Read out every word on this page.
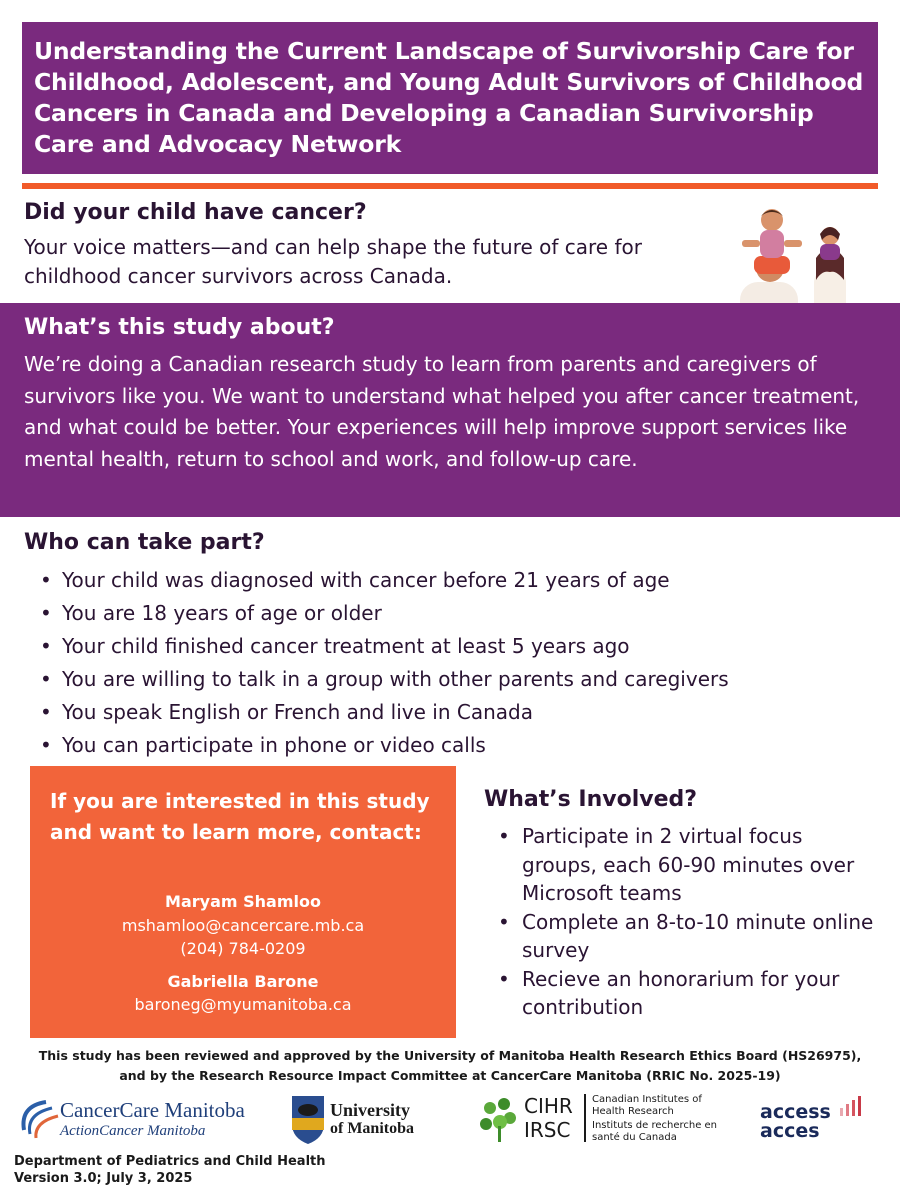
Understanding the Current Landscape of Survivorship Care for Childhood, Adolescent, and Young Adult Survivors of Childhood Cancers in Canada and Developing a Canadian Survivorship Care and Advocacy Network
Did your child have cancer?
Your voice matters—and can help shape the future of care for childhood cancer survivors across Canada.
What’s this study about?
We’re doing a Canadian research study to learn from parents and caregivers of survivors like you. We want to understand what helped you after cancer treatment, and what could be better. Your experiences will help improve support services like mental health, return to school and work, and follow-up care.
Who can take part?
• Your child was diagnosed with cancer before 21 years of age
• You are 18 years of age or older
• Your child finished cancer treatment at least 5 years ago
• You are willing to talk in a group with other parents and caregivers
• You speak English or French and live in Canada
• You can participate in phone or video calls
If you are interested in this study and want to learn more, contact:
Maryam Shamloo
mshamloo@cancercare.mb.ca
(204) 784-0209
Gabriella Barone
baroneg@myumanitoba.ca
What’s Involved?
• Participate in 2 virtual focus groups, each 60-90 minutes over Microsoft teams
• Complete an 8-to-10 minute online survey
• Recieve an honorarium for your contribution
This study has been reviewed and approved by the University of Manitoba Health Research Ethics Board (HS26975), and by the Research Resource Impact Committee at CancerCare Manitoba (RRIC No. 2025-19)
CancerCare Manitoba
ActionCancer Manitoba
University
of Manitoba
CIHR
IRSC
Canadian Institutes of Health Research
Instituts de recherche en santé du Canada
access
acces
Department of Pediatrics and Child Health
Version 3.0; July 3, 2025
